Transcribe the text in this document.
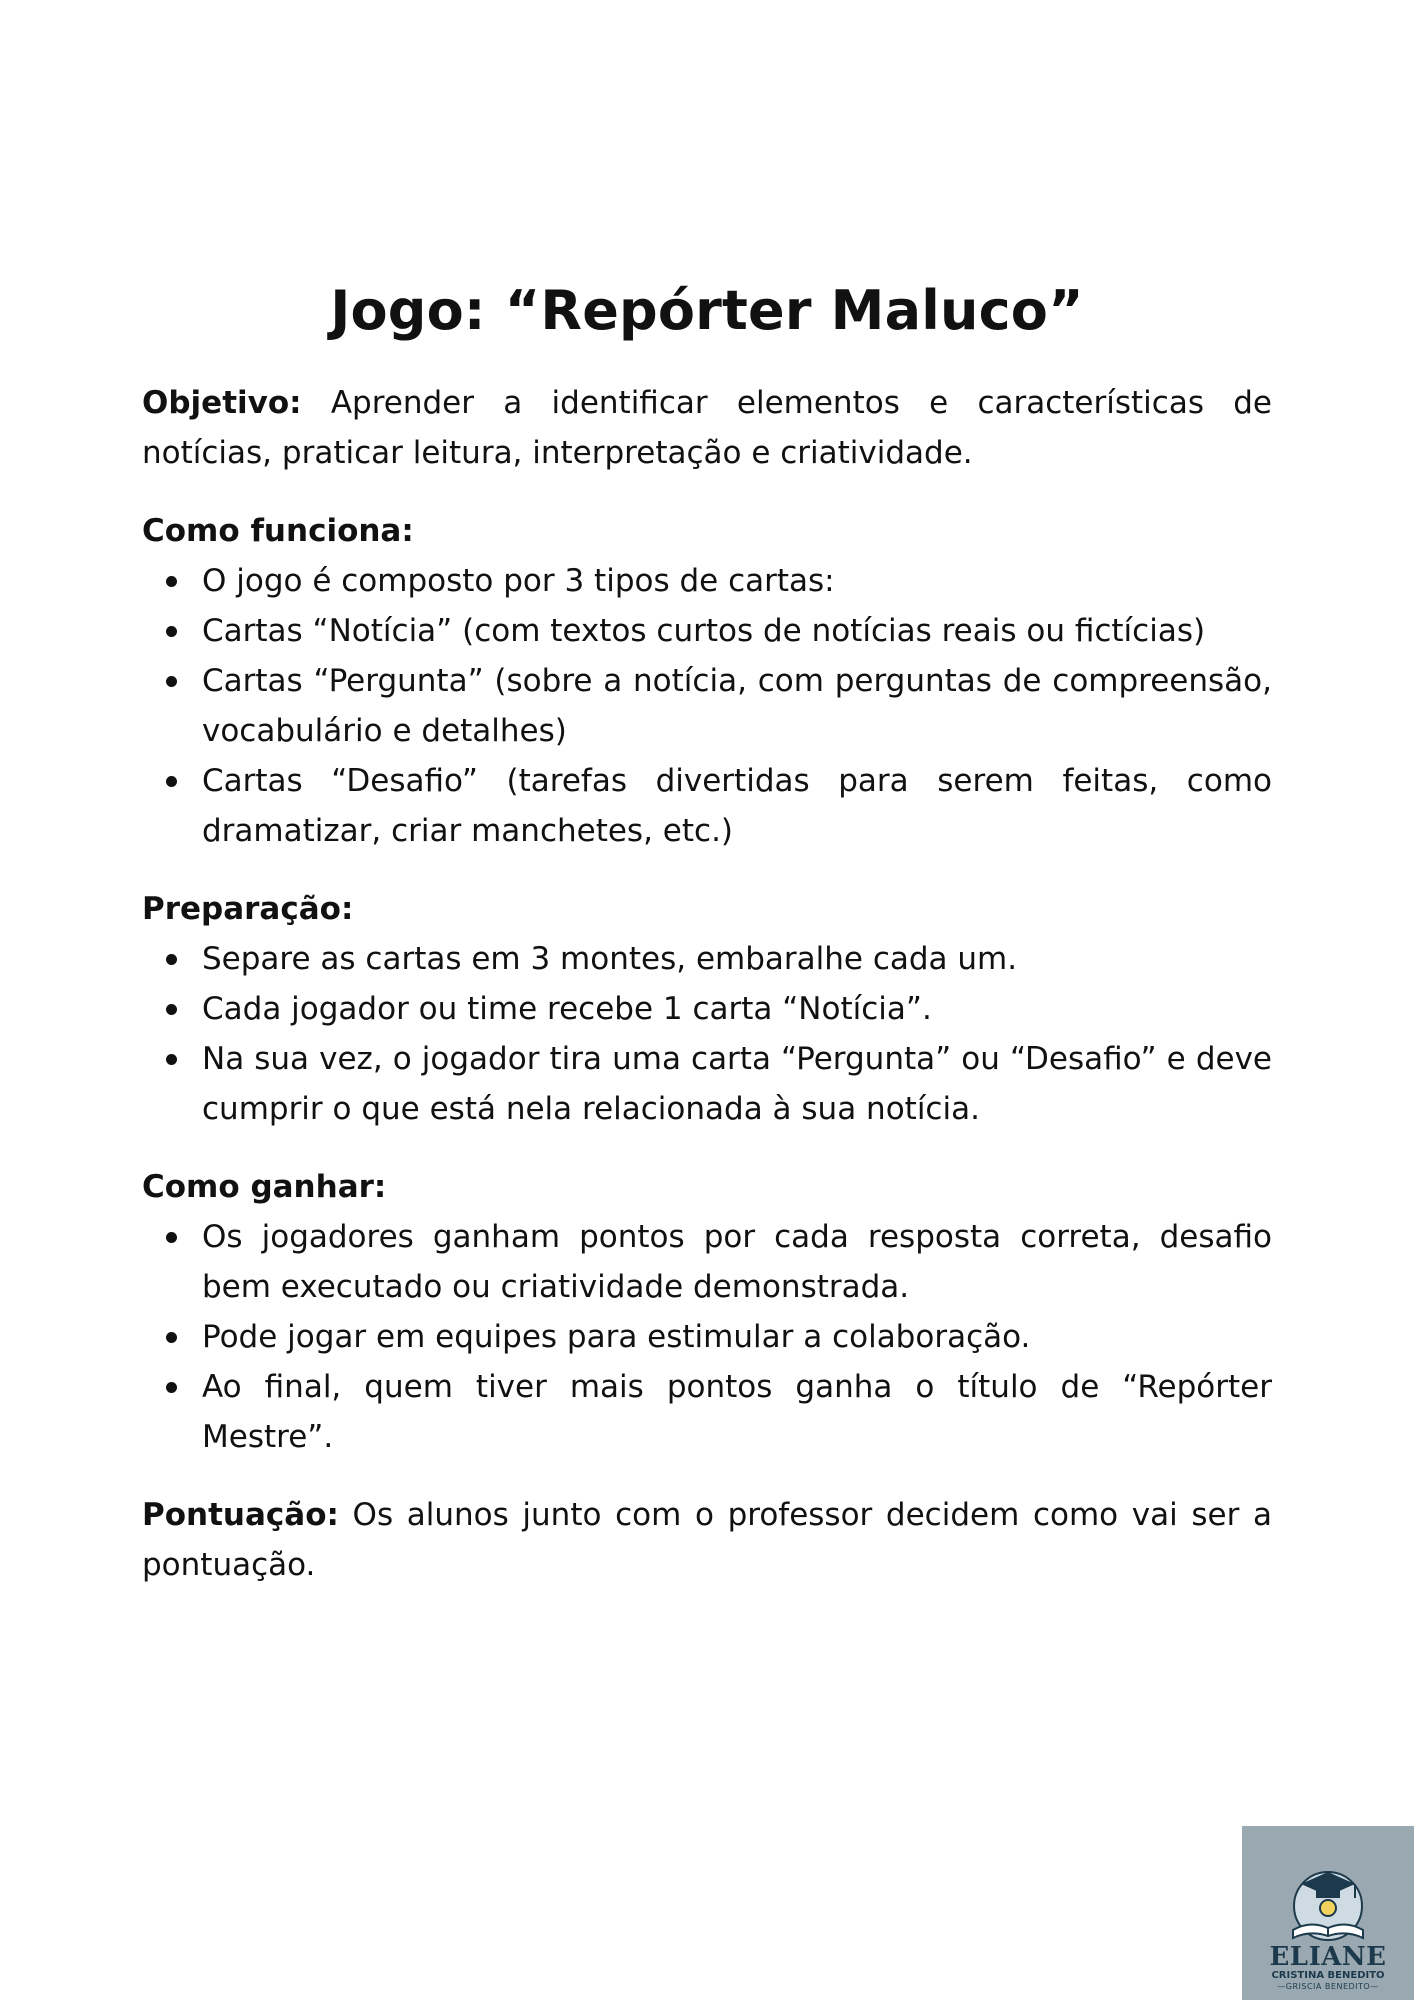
Jogo: “Repórter Maluco”

Objetivo: Aprender a identificar elementos e características de notícias, praticar leitura, interpretação e criatividade.

Como funciona:

O jogo é composto por 3 tipos de cartas:
Cartas “Notícia” (com textos curtos de notícias reais ou fictícias)
Cartas “Pergunta” (sobre a notícia, com perguntas de compreensão, vocabulário e detalhes)
Cartas “Desafio” (tarefas divertidas para serem feitas, como dramatizar, criar manchetes, etc.)

Preparação:

Separe as cartas em 3 montes, embaralhe cada um.
Cada jogador ou time recebe 1 carta “Notícia”.
Na sua vez, o jogador tira uma carta “Pergunta” ou “Desafio” e deve cumprir o que está nela relacionada à sua notícia.

Como ganhar:

Os jogadores ganham pontos por cada resposta correta, desafio bem executado ou criatividade demonstrada.
Pode jogar em equipes para estimular a colaboração.
Ao final, quem tiver mais pontos ganha o título de “Repórter Mestre”.

Pontuação: Os alunos junto com o professor decidem como vai ser a pontuação.

ELIANE
CRISTINA BENEDITO
—GRISCIA BENEDITO—
